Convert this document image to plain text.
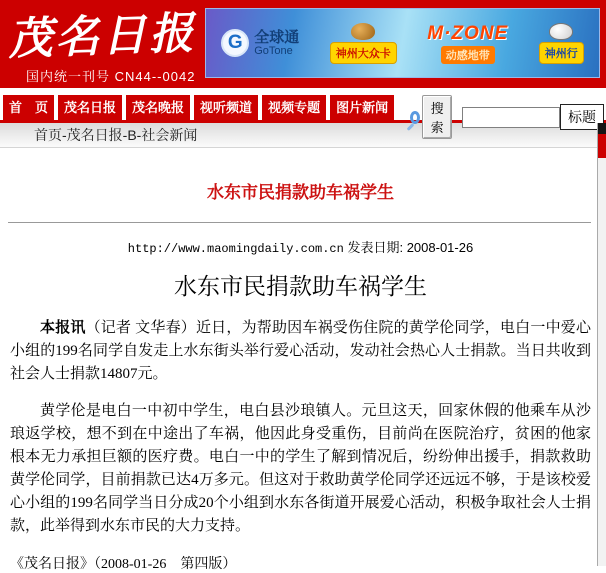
茂名日报
国内统一刊号 CN44--0042
G 全球通
GoTone	神州大众卡
M·ZONE
动感地带	神州行
首　页	茂名日报	茂名晚报	视听频道	视频专题	图片新闻	搜 索
标题
首页-茂名日报-B-社会新闻
水东市民捐款助车祸学生
http://www.maomingdaily.com.cn 发表日期: 2008-01-26
水东市民捐款助车祸学生

本报讯（记者 文华春）近日，为帮助因车祸受伤住院的黄学伦同学，电白一中爱心小组的199名同学自发走上水东街头举行爱心活动，发动社会热心人士捐款。当日共收到社会人士捐款14807元。

黄学伦是电白一中初中学生，电白县沙琅镇人。元旦这天，回家休假的他乘车从沙琅返学校，想不到在中途出了车祸，他因此身受重伤，目前尚在医院治疗，贫困的他家根本无力承担巨额的医疗费。电白一中的学生了解到情况后，纷纷伸出援手，捐款救助黄学伦同学，目前捐款已达4万多元。但这对于救助黄学伦同学还远远不够，于是该校爱心小组的199名同学当日分成20个小组到水东各街道开展爱心活动，积极争取社会人士捐款，此举得到水东市民的大力支持。

《茂名日报》（2008-01-26　第四版）
